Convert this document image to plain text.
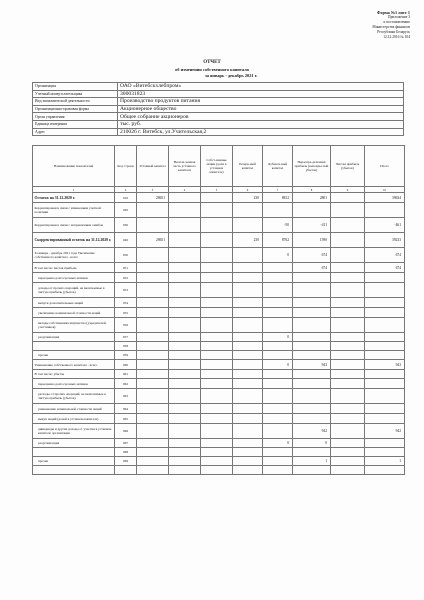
Форма №1 лист 1
Приложение 3
к постановлению
Министерства финансов
Республики Беларусь
12.12.2016 № 104
ОТЧЕТ
об изменении собственного капитала
за январь - декабрь 2021 г.
Организация	ОАО «Витебскхлебпром»
Учетный номер плательщика	300031823
Вид экономической деятельности	Производство продуктов питания
Организационно-правовая форма	Акционерное общество
Орган управления	Общее собрание акционеров
Единица измерения	тыс. руб.
Адрес	210026 г. Витебск, ул.Учительская,2
Наименование показателей	Код строки	Уставный капитал	Неопла-ченная часть уставного капитала	Собст-венные акции (доли в уставном капитале)	Резерв-ный капитал	Добавоч-ный капитал	Нераспре-деленная прибыль (непокры-тый убыток)	Чистая прибыль (убыток)	Итого
1	2	3	4	5	6	7	8	9	10
Остаток на 31.12.2020 г.	010	28651			230	8812	2801		39634
Корректировки в связи с изменением учетной политики	020								
Корректировки в связи с исправлением ошибок	030					-50	-411		-461
Скорректированный остаток на 31.12.2020 г.	040	28651			230	8762	1590		39233
За январь - декабрь 2021 года Увеличение собственного капитала - всего	050					0	674		674
В том числе: чистая прибыль	051						674		674
переоценка долгосрочных активов	052								
доходы от прочих операций, не включаемые в чистую прибыль (убыток)	053								
выпуск дополнительных акций	054								
увеличение номинальной стоимости акций	055								
вклады собственника имущества (учредителей, участников)	056								
реорганизация	057					0			
	058								
прочие	059								
Уменьшение собственного капитала - всего	060					0	943		943
В том числе: убыток	061								
переоценка долгосрочных активов	062								
расходы от прочих операций, не включаемые в чистую прибыль (убыток)	063								
уменьшение номинальной стоимости акций	064								
выкуп акций (долей в уставном капитале)	065								
дивиденды и другие доходы от участия в уставном капитале организации	066						942		942
реорганизация	067					0	0		
	068								
прочие	069						1		1
